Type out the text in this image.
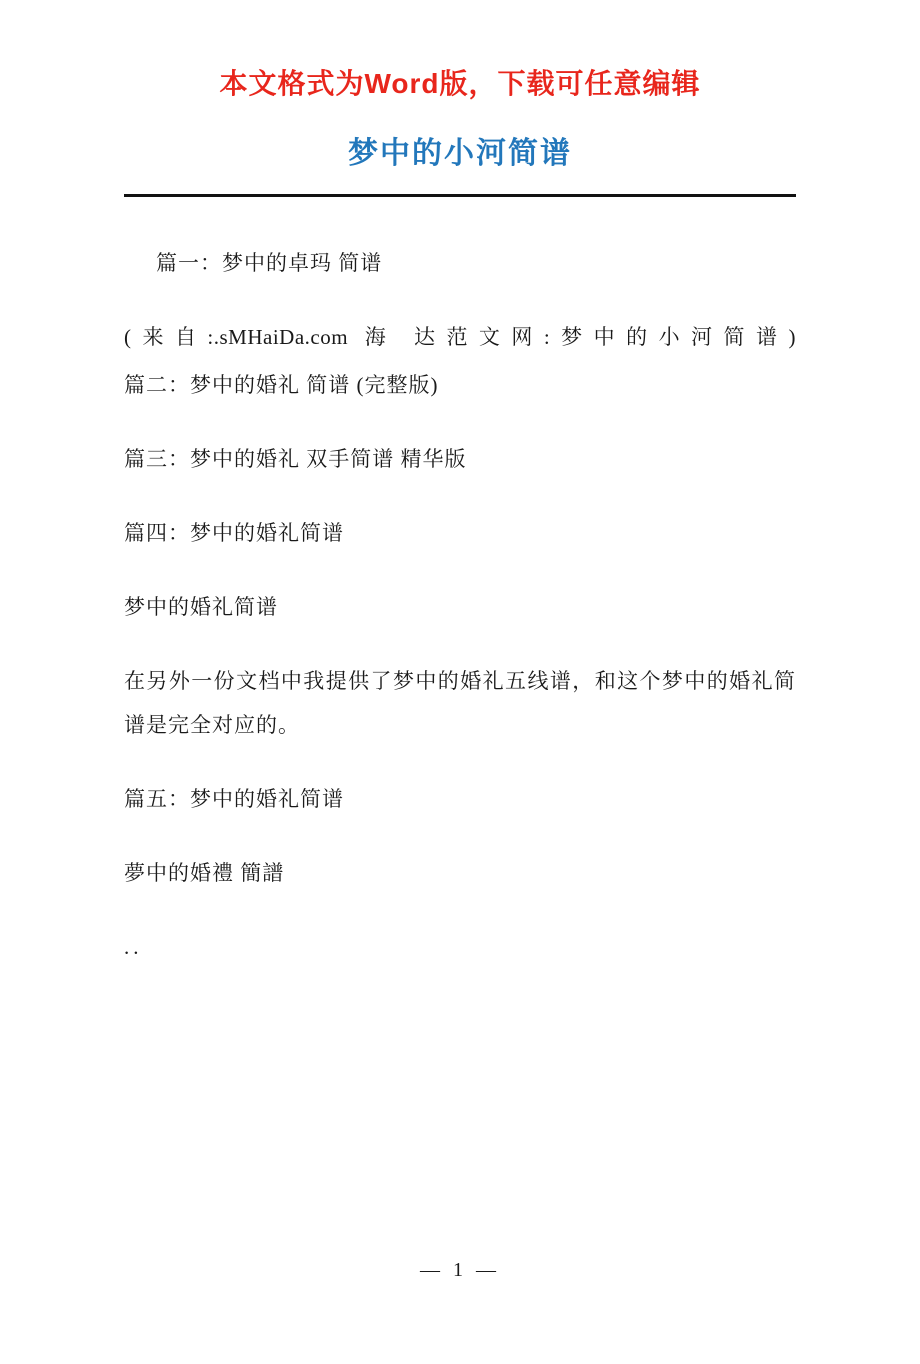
本文格式为Word版，下载可任意编辑
梦中的小河简谱

篇一：梦中的卓玛 简谱

(来自:.sMHaiDa.com 海 达范文网:梦中的小河简谱)

篇二：梦中的婚礼 简谱 (完整版)

篇三：梦中的婚礼 双手简谱 精华版

篇四：梦中的婚礼简谱

梦中的婚礼简谱

在另外一份文档中我提供了梦中的婚礼五线谱，和这个梦中的婚礼简谱是完全对应的。

篇五：梦中的婚礼简谱

夢中的婚禮 簡譜

..

— 1 —
